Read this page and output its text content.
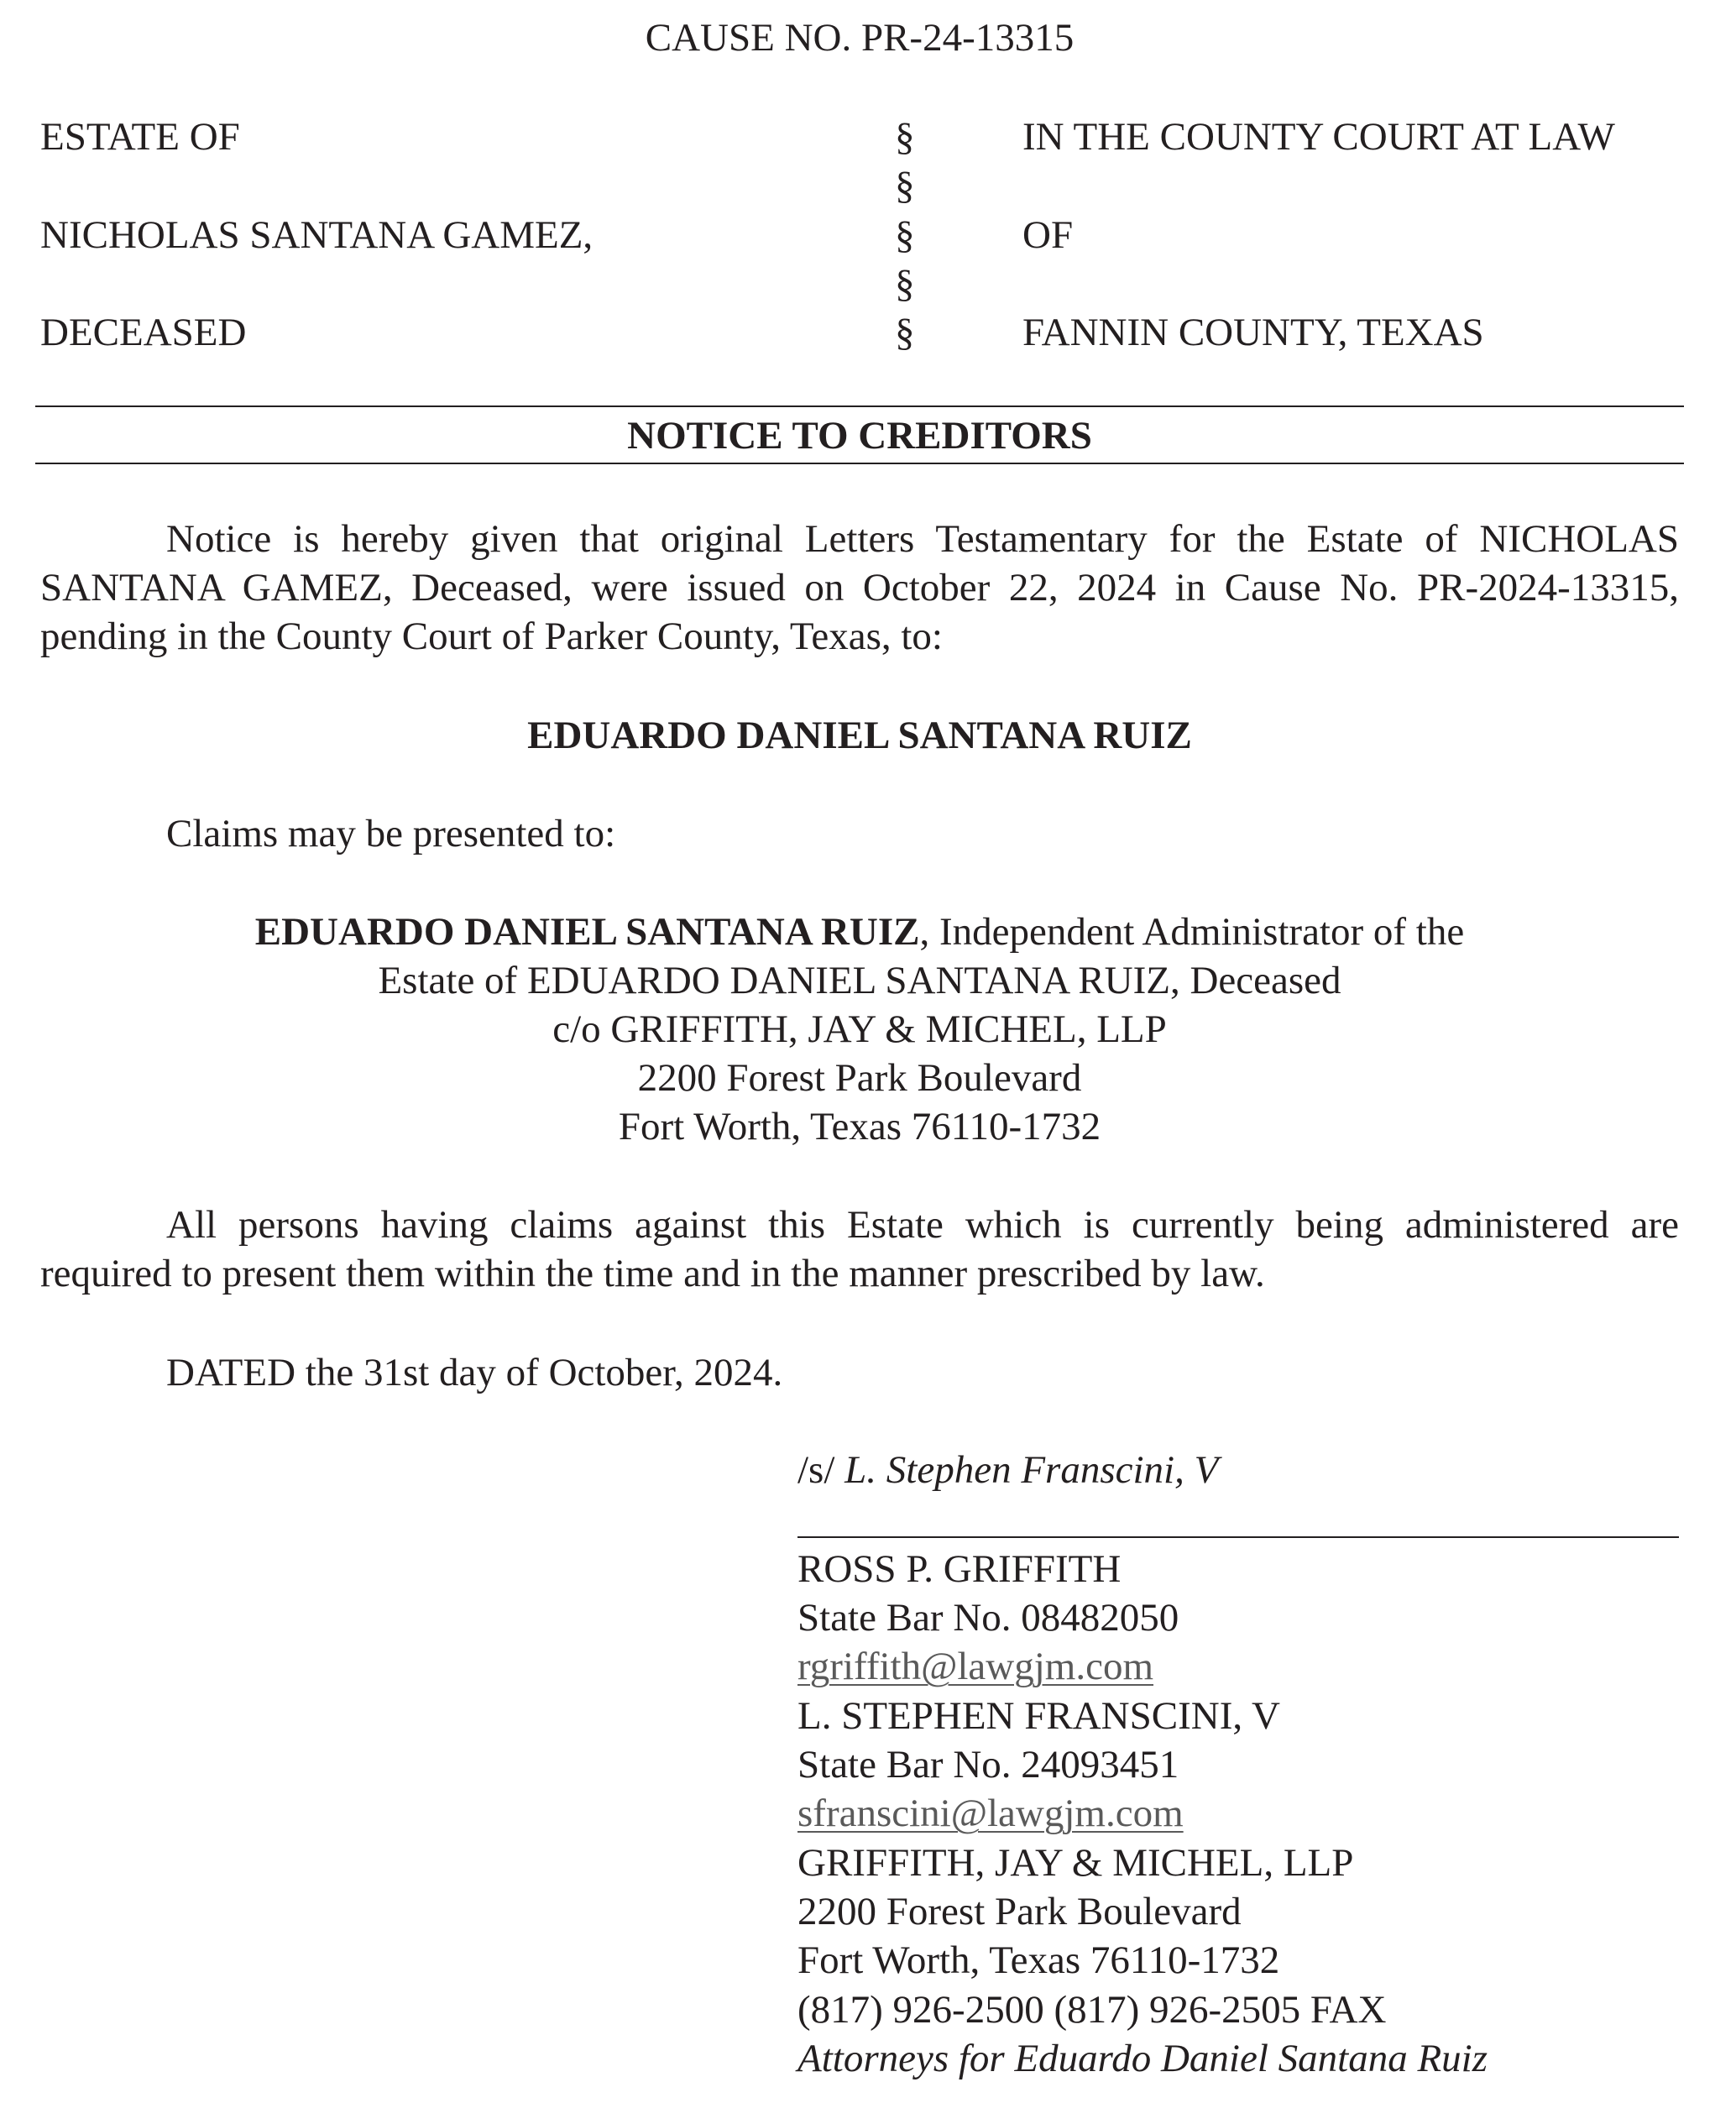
CAUSE NO. PR-24-13315
ESTATE OF
NICHOLAS SANTANA GAMEZ,
DECEASED
§
§
§
§
§
IN THE COUNTY COURT AT LAW
OF
FANNIN COUNTY, TEXAS
NOTICE TO CREDITORS
Notice is hereby given that original Letters Testamentary for the Estate of NICHOLAS
SANTANA GAMEZ, Deceased, were issued on October 22, 2024 in Cause No. PR-2024-13315,
pending in the County Court of Parker County, Texas, to:
EDUARDO DANIEL SANTANA RUIZ
Claims may be presented to:
EDUARDO DANIEL SANTANA RUIZ, Independent Administrator of the
Estate of EDUARDO DANIEL SANTANA RUIZ, Deceased
c/o GRIFFITH, JAY & MICHEL, LLP
2200 Forest Park Boulevard
Fort Worth, Texas 76110-1732
All persons having claims against this Estate which is currently being administered are
required to present them within the time and in the manner prescribed by law.
DATED the 31st day of October, 2024.
/s/ L. Stephen Franscini, V
ROSS P. GRIFFITH
State Bar No. 08482050
rgriffith@lawgjm.com
L. STEPHEN FRANSCINI, V
State Bar No. 24093451
sfranscini@lawgjm.com
GRIFFITH, JAY & MICHEL, LLP
2200 Forest Park Boulevard
Fort Worth, Texas 76110-1732
(817) 926-2500 (817) 926-2505 FAX
Attorneys for Eduardo Daniel Santana Ruiz
